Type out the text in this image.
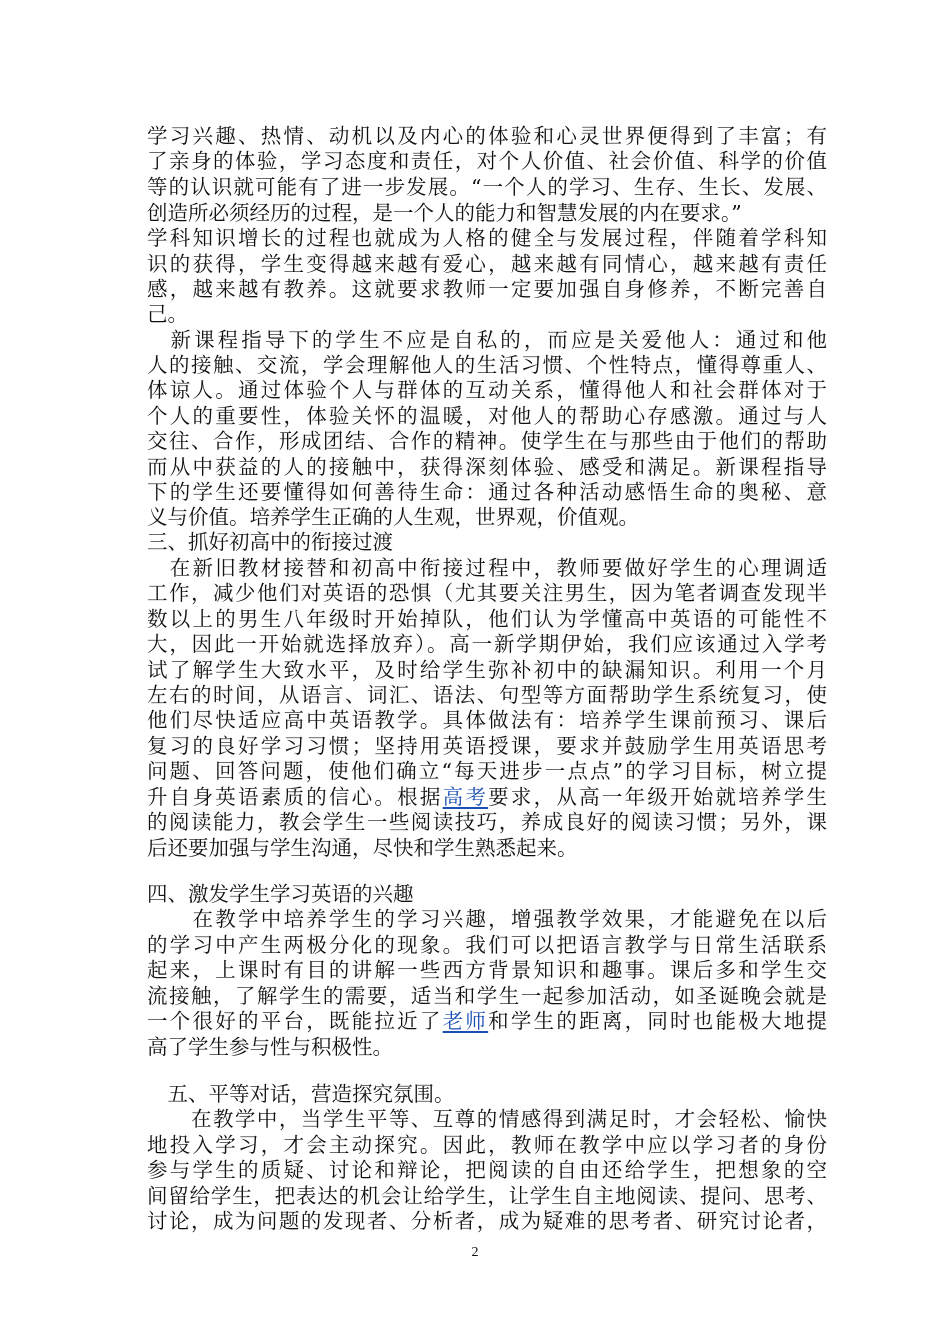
学习兴趣、热情、动机以及内心的体验和心灵世界便得到了丰富；有
了亲身的体验，学习态度和责任，对个人价值、社会价值、科学的价值
等的认识就可能有了进一步发展。“一个人的学习、生存、生长、发展、
创造所必须经历的过程，是一个人的能力和智慧发展的内在要求。”
学科知识增长的过程也就成为人格的健全与发展过程，伴随着学科知
识的获得，学生变得越来越有爱心，越来越有同情心，越来越有责任
感，越来越有教养。这就要求教师一定要加强自身修养，不断完善自
己。
　新课程指导下的学生不应是自私的，而应是关爱他人：通过和他
人的接触、交流，学会理解他人的生活习惯、个性特点，懂得尊重人、
体谅人。通过体验个人与群体的互动关系，懂得他人和社会群体对于
个人的重要性，体验关怀的温暖，对他人的帮助心存感激。通过与人
交往、合作，形成团结、合作的精神。使学生在与那些由于他们的帮助
而从中获益的人的接触中，获得深刻体验、感受和满足。新课程指导
下的学生还要懂得如何善待生命：通过各种活动感悟生命的奥秘、意
义与价值。培养学生正确的人生观，世界观，价值观。
三、抓好初高中的衔接过渡
　在新旧教材接替和初高中衔接过程中，教师要做好学生的心理调适
工作，减少他们对英语的恐惧（尤其要关注男生，因为笔者调查发现半
数以上的男生八年级时开始掉队，他们认为学懂高中英语的可能性不
大，因此一开始就选择放弃）。高一新学期伊始，我们应该通过入学考
试了解学生大致水平，及时给学生弥补初中的缺漏知识。利用一个月
左右的时间，从语言、词汇、语法、句型等方面帮助学生系统复习，使
他们尽快适应高中英语教学。具体做法有：培养学生课前预习、课后
复习的良好学习习惯；坚持用英语授课，要求并鼓励学生用英语思考
问题、回答问题，使他们确立“每天进步一点点”的学习目标，树立提
升自身英语素质的信心。根据高考要求，从高一年级开始就培养学生
的阅读能力，教会学生一些阅读技巧，养成良好的阅读习惯；另外，课
后还要加强与学生沟通，尽快和学生熟悉起来。
四、激发学生学习英语的兴趣
　　在教学中培养学生的学习兴趣，增强教学效果，才能避免在以后
的学习中产生两极分化的现象。我们可以把语言教学与日常生活联系
起来，上课时有目的讲解一些西方背景知识和趣事。课后多和学生交
流接触，了解学生的需要，适当和学生一起参加活动，如圣诞晚会就是
一个很好的平台，既能拉近了老师和学生的距离，同时也能极大地提
高了学生参与性与积极性。
　五、平等对话，营造探究氛围。
　　在教学中，当学生平等、互尊的情感得到满足时，才会轻松、愉快
地投入学习，才会主动探究。因此，教师在教学中应以学习者的身份
参与学生的质疑、讨论和辩论，把阅读的自由还给学生，把想象的空
间留给学生，把表达的机会让给学生，让学生自主地阅读、提问、思考、
讨论，成为问题的发现者、分析者，成为疑难的思考者、研究讨论者，
2
